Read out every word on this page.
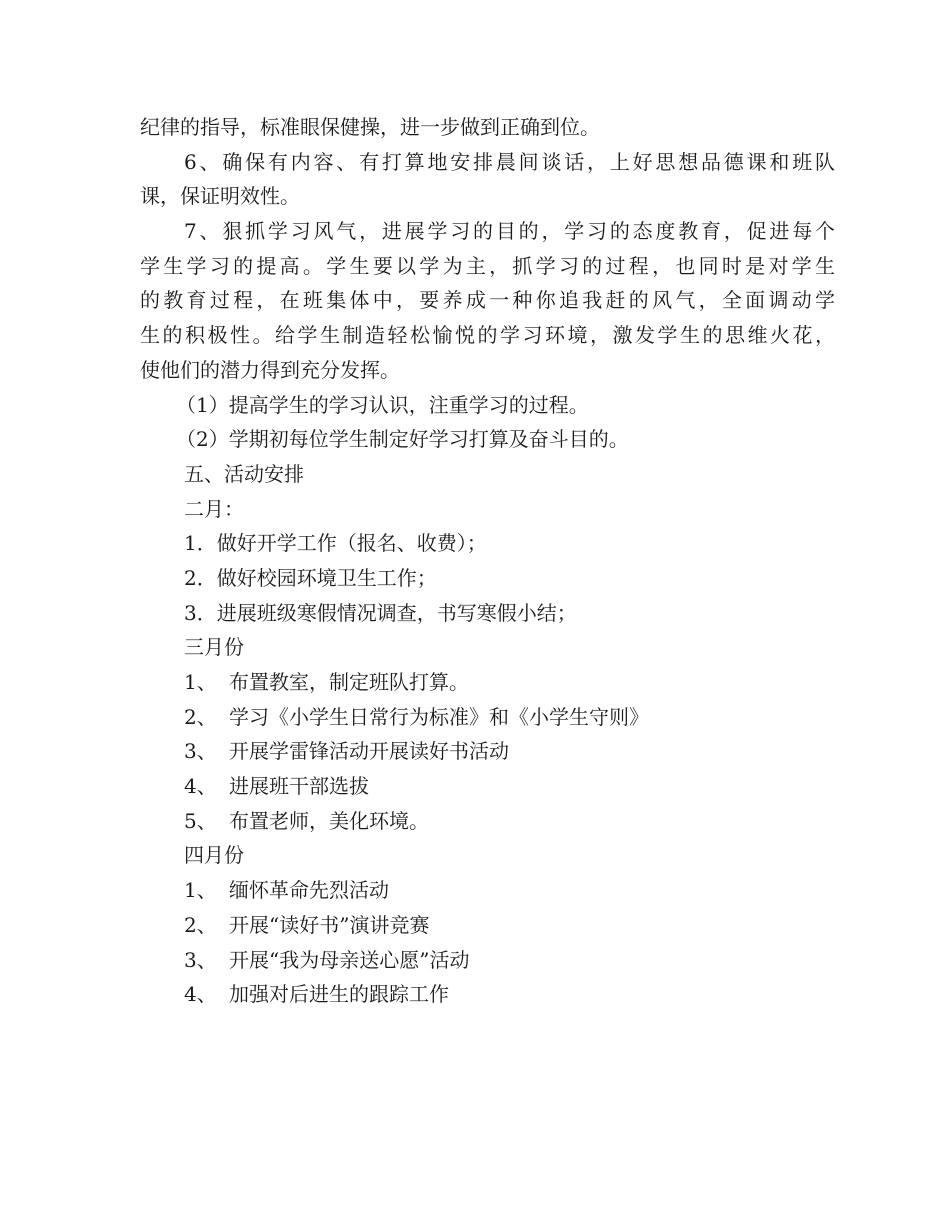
纪律的指导，标准眼保健操，进一步做到正确到位。
6、确保有内容、有打算地安排晨间谈话，上好思想品德课和班队
课，保证明效性。
7、狠抓学习风气，进展学习的目的，学习的态度教育，促进每个
学生学习的提高。学生要以学为主，抓学习的过程，也同时是对学生
的教育过程，在班集体中，要养成一种你追我赶的风气，全面调动学
生的积极性。给学生制造轻松愉悦的学习环境，激发学生的思维火花，
使他们的潜力得到充分发挥。
（1）提高学生的学习认识，注重学习的过程。
（2）学期初每位学生制定好学习打算及奋斗目的。
五、活动安排
二月：
1．做好开学工作（报名、收费）；
2．做好校园环境卫生工作；
3．进展班级寒假情况调查，书写寒假小结；
三月份
1、 布置教室，制定班队打算。
2、 学习《小学生日常行为标准》和《小学生守则》
3、 开展学雷锋活动开展读好书活动
4、 进展班干部选拔
5、 布置老师，美化环境。
四月份
1、 缅怀革命先烈活动
2、 开展“读好书”演讲竞赛
3、 开展“我为母亲送心愿”活动
4、 加强对后进生的跟踪工作
